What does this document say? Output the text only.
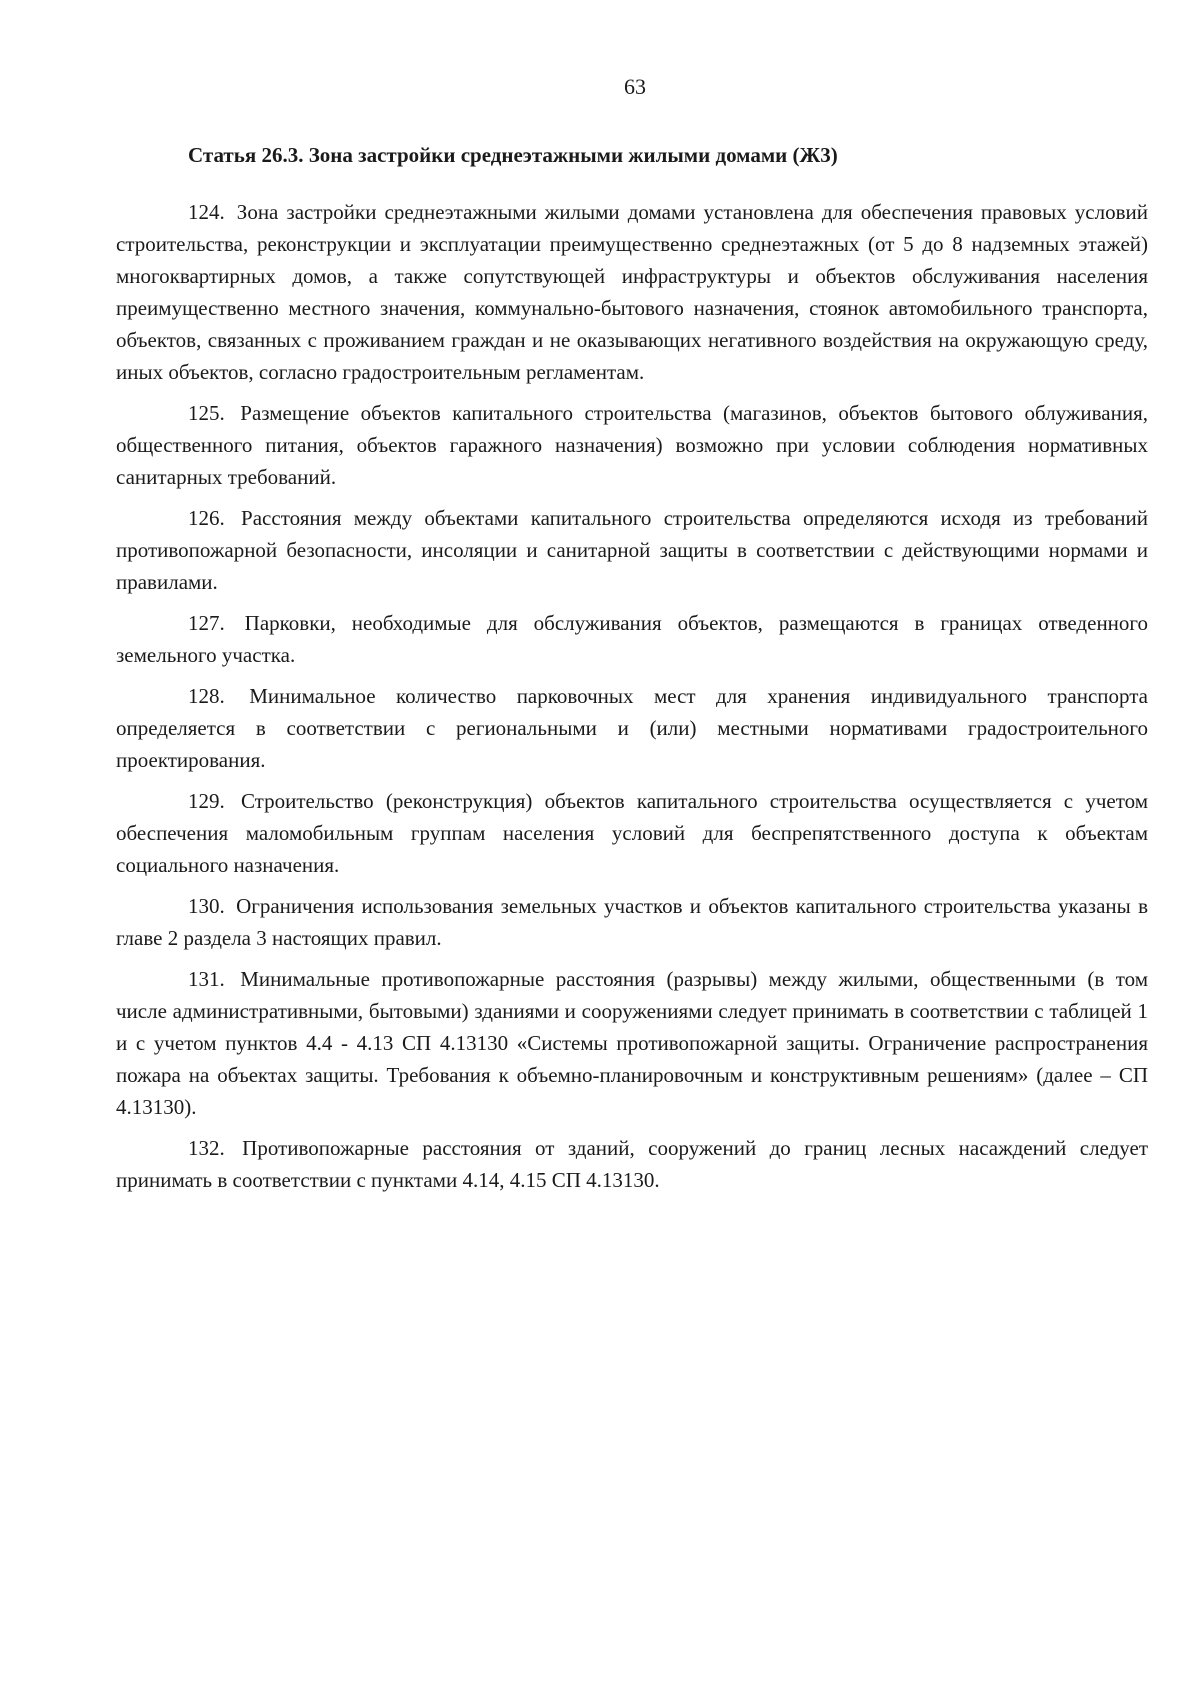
63
Статья 26.3. Зона застройки среднеэтажными жилыми домами (Ж3)

124. Зона застройки среднеэтажными жилыми домами установлена для обеспечения правовых условий строительства, реконструкции и эксплуатации преимущественно среднеэтажных (от 5 до 8 надземных этажей) многоквартирных домов, а также сопутствующей инфраструктуры и объектов обслуживания населения преимущественно местного значения, коммунально-бытового назначения, стоянок автомобильного транспорта, объектов, связанных с проживанием граждан и не оказывающих негативного воздействия на окружающую среду, иных объектов, согласно градостроительным регламентам.

125. Размещение объектов капитального строительства (магазинов, объектов бытового облуживания, общественного питания, объектов гаражного назначения) возможно при условии соблюдения нормативных санитарных требований.

126. Расстояния между объектами капитального строительства определяются исходя из требований противопожарной безопасности, инсоляции и санитарной защиты в соответствии с действующими нормами и правилами.

127. Парковки, необходимые для обслуживания объектов, размещаются в границах отведенного земельного участка.

128. Минимальное количество парковочных мест для хранения индивидуального транспорта определяется в соответствии с региональными и (или) местными нормативами градостроительного проектирования.

129. Строительство (реконструкция) объектов капитального строительства осуществляется с учетом обеспечения маломобильным группам населения условий для беспрепятственного доступа к объектам социального назначения.

130. Ограничения использования земельных участков и объектов капитального строительства указаны в главе 2 раздела 3 настоящих правил.

131. Минимальные противопожарные расстояния (разрывы) между жилыми, общественными (в том числе административными, бытовыми) зданиями и сооружениями следует принимать в соответствии с таблицей 1 и с учетом пунктов 4.4 - 4.13 СП 4.13130 «Системы противопожарной защиты. Ограничение распространения пожара на объектах защиты. Требования к объемно-планировочным и конструктивным решениям» (далее – СП 4.13130).

132. Противопожарные расстояния от зданий, сооружений до границ лесных насаждений следует принимать в соответствии с пунктами 4.14, 4.15 СП 4.13130.
